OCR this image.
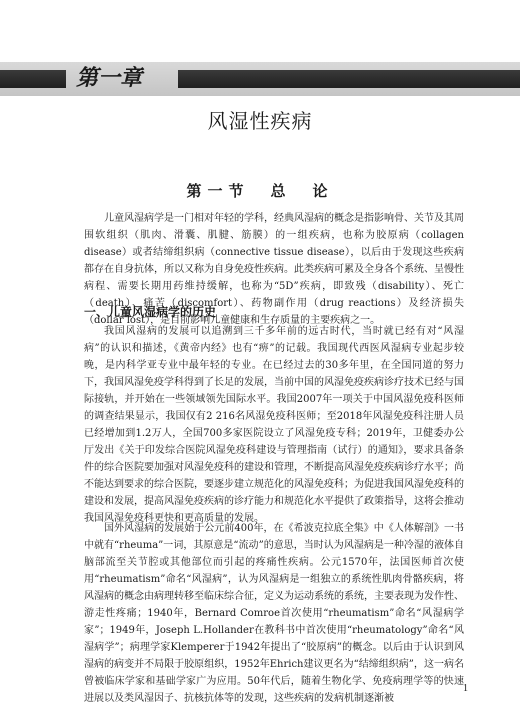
第一章
风湿性疾病
第一节　总　论

儿童风湿病学是一门相对年轻的学科，经典风湿病的概念是指影响骨、关节及其周围软组织（肌肉、滑囊、肌腱、筋膜）的一组疾病，也称为胶原病（collagen disease）或者结缔组织病（connective tissue disease），以后由于发现这些疾病都存在自身抗体，所以又称为自身免疫性疾病。此类疾病可累及全身各个系统、呈慢性病程、需要长期用药维持缓解，也称为“5D”疾病，即致残（disability）、死亡（death）、痛苦（discomfort）、药物副作用（drug reactions）及经济损失（dollar lost），是目前影响儿童健康和生存质量的主要疾病之一。

一、儿童风湿病学的历史

我国风湿病的发展可以追溯到三千多年前的远古时代，当时就已经有对“风湿病”的认识和描述，《黄帝内经》也有“痹”的记载。我国现代西医风湿病专业起步较晚，是内科学亚专业中最年轻的专业。在已经过去的30多年里，在全国同道的努力下，我国风湿免疫学科得到了长足的发展，当前中国的风湿免疫疾病诊疗技术已经与国际接轨，并开始在一些领域领先国际水平。我国2007年一项关于中国风湿免疫科医师的调查结果显示，我国仅有2 216名风湿免疫科医师；至2018年风湿免疫科注册人员已经增加到1.2万人，全国700多家医院设立了风湿免疫专科；2019年，卫健委办公厅发出《关于印发综合医院风湿免疫科建设与管理指南（试行）的通知》，要求具备条件的综合医院要加强对风湿免疫科的建设和管理，不断提高风湿免疫疾病诊疗水平；尚不能达到要求的综合医院，要逐步建立规范化的风湿免疫科；为促进我国风湿免疫科的建设和发展，提高风湿免疫疾病的诊疗能力和规范化水平提供了政策指导，这将会推动我国风湿免疫科更快和更高质量的发展。

国外风湿病的发展始于公元前400年，在《希波克拉底全集》中《人体解剖》一书中就有“rheuma”一词，其原意是“流动”的意思，当时认为风湿病是一种冷湿的液体自脑部流至关节腔或其他部位而引起的疼痛性疾病。公元1570年，法国医师首次使用“rheumatism”命名“风湿病”，认为风湿病是一组独立的系统性肌肉骨骼疾病，将风湿病的概念由病理转移至临床综合征，定义为运动系统的系统，主要表现为发作性、游走性疼痛；1940年，Bernard Comroe首次使用“rheumatism”命名“风湿病学家”；1949年，Joseph L.Hollander在教科书中首次使用“rheumatology”命名“风湿病学”；病理学家Klemperer于1942年提出了“胶原病”的概念。以后由于认识到风湿病的病变并不局限于胶原组织，1952年Ehrich建议更名为“结缔组织病”，这一病名曾被临床学家和基础学家广为应用。50年代后，随着生物化学、免疫病理学等的快速进展以及类风湿因子、抗核抗体等的发现，这些疾病的发病机制逐渐被

1
